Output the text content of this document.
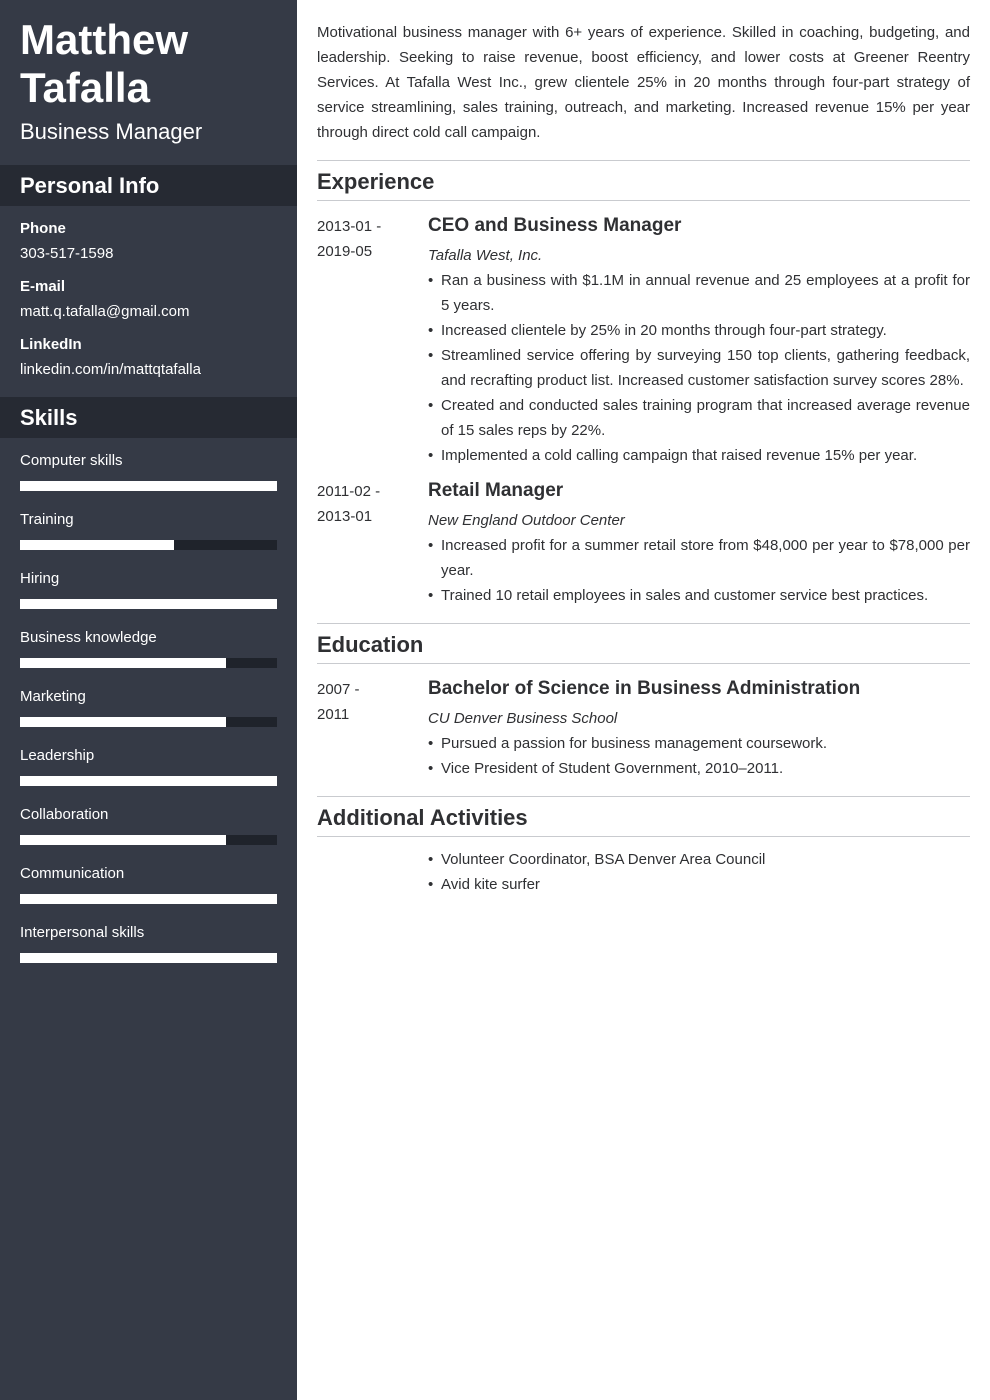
Matthew Tafalla
Business Manager
Personal Info
Phone
303-517-1598
E-mail
matt.q.tafalla@gmail.com
LinkedIn
linkedin.com/in/mattqtafalla
Skills
Computer skills
Training
Hiring
Business knowledge
Marketing
Leadership
Collaboration
Communication
Interpersonal skills

Motivational business manager with 6+ years of experience. Skilled in coaching, budgeting, and leadership. Seeking to raise revenue, boost efficiency, and lower costs at Greener Reentry Services. At Tafalla West Inc., grew clientele 25% in 20 months through four-part strategy of service streamlining, sales training, outreach, and marketing. Increased revenue 15% per year through direct cold call campaign.

Experience
2013-01 -
2019-05
CEO and Business Manager
Tafalla West, Inc.
• Ran a business with $1.1M in annual revenue and 25 employees at a profit for 5 years.
• Increased clientele by 25% in 20 months through four-part strategy.
• Streamlined service offering by surveying 150 top clients, gathering feedback, and recrafting product list. Increased customer satisfaction survey scores 28%.
• Created and conducted sales training program that increased average revenue of 15 sales reps by 22%.
• Implemented a cold calling campaign that raised revenue 15% per year.
2011-02 -
2013-01
Retail Manager
New England Outdoor Center
• Increased profit for a summer retail store from $48,000 per year to $78,000 per year.
• Trained 10 retail employees in sales and customer service best practices.
Education
2007 -
2011
Bachelor of Science in Business Administration
CU Denver Business School
• Pursued a passion for business management coursework.
• Vice President of Student Government, 2010–2011.
Additional Activities
• Volunteer Coordinator, BSA Denver Area Council
• Avid kite surfer
